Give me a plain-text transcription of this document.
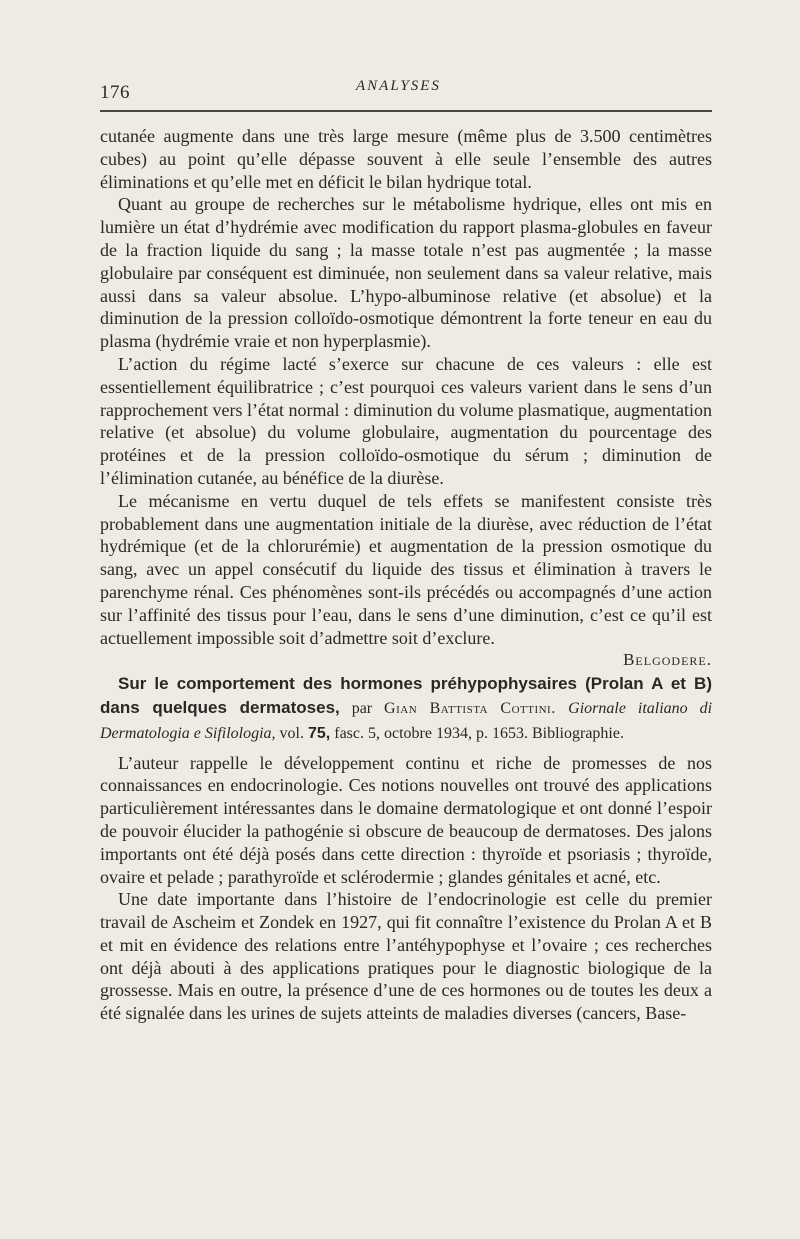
176	ANALYSES

cutanée augmente dans une très large mesure (même plus de 3.500 centimètres cubes) au point qu’elle dépasse souvent à elle seule l’ensemble des autres éliminations et qu’elle met en déficit le bilan hydrique total.

Quant au groupe de recherches sur le métabolisme hydrique, elles ont mis en lumière un état d’hydrémie avec modification du rapport plasma-globules en faveur de la fraction liquide du sang ; la masse totale n’est pas augmentée ; la masse globulaire par conséquent est diminuée, non seulement dans sa valeur relative, mais aussi dans sa valeur absolue. L’hypo-albuminose relative (et absolue) et la diminution de la pression colloïdo-osmotique démontrent la forte teneur en eau du plasma (hydrémie vraie et non hyperplasmie).

L’action du régime lacté s’exerce sur chacune de ces valeurs : elle est essentiellement équilibratrice ; c’est pourquoi ces valeurs varient dans le sens d’un rapprochement vers l’état normal : diminution du volume plasmatique, augmentation relative (et absolue) du volume globulaire, augmentation du pourcentage des protéines et de la pression colloïdo-osmotique du sérum ; diminution de l’élimination cutanée, au bénéfice de la diurèse.

Le mécanisme en vertu duquel de tels effets se manifestent consiste très probablement dans une augmentation initiale de la diurèse, avec réduction de l’état hydrémique (et de la chlorurémie) et augmentation de la pression osmotique du sang, avec un appel consécutif du liquide des tissus et élimination à travers le parenchyme rénal. Ces phénomènes sont-ils précédés ou accompagnés d’une action sur l’affinité des tissus pour l’eau, dans le sens d’une diminution, c’est ce qu’il est actuellement impossible soit d’admettre soit d’exclure.

Belgodere.

Sur le comportement des hormones préhypophysaires (Prolan A et B) dans quelques dermatoses, par Gian Battista Cottini. Giornale italiano di Dermatologia e Sifilologia, vol. 75, fasc. 5, octobre 1934, p. 1653. Bibliographie.

L’auteur rappelle le développement continu et riche de promesses de nos connaissances en endocrinologie. Ces notions nouvelles ont trouvé des applications particulièrement intéressantes dans le domaine dermatologique et ont donné l’espoir de pouvoir élucider la pathogénie si obscure de beaucoup de dermatoses. Des jalons importants ont été déjà posés dans cette direction : thyroïde et psoriasis ; thyroïde, ovaire et pelade ; parathyroïde et sclérodermie ; glandes génitales et acné, etc.

Une date importante dans l’histoire de l’endocrinologie est celle du premier travail de Ascheim et Zondek en 1927, qui fit connaître l’existence du Prolan A et B et mit en évidence des relations entre l’antéhypophyse et l’ovaire ; ces recherches ont déjà abouti à des applications pratiques pour le diagnostic biologique de la grossesse. Mais en outre, la présence d’une de ces hormones ou de toutes les deux a été signalée dans les urines de sujets atteints de maladies diverses (cancers, Base-
